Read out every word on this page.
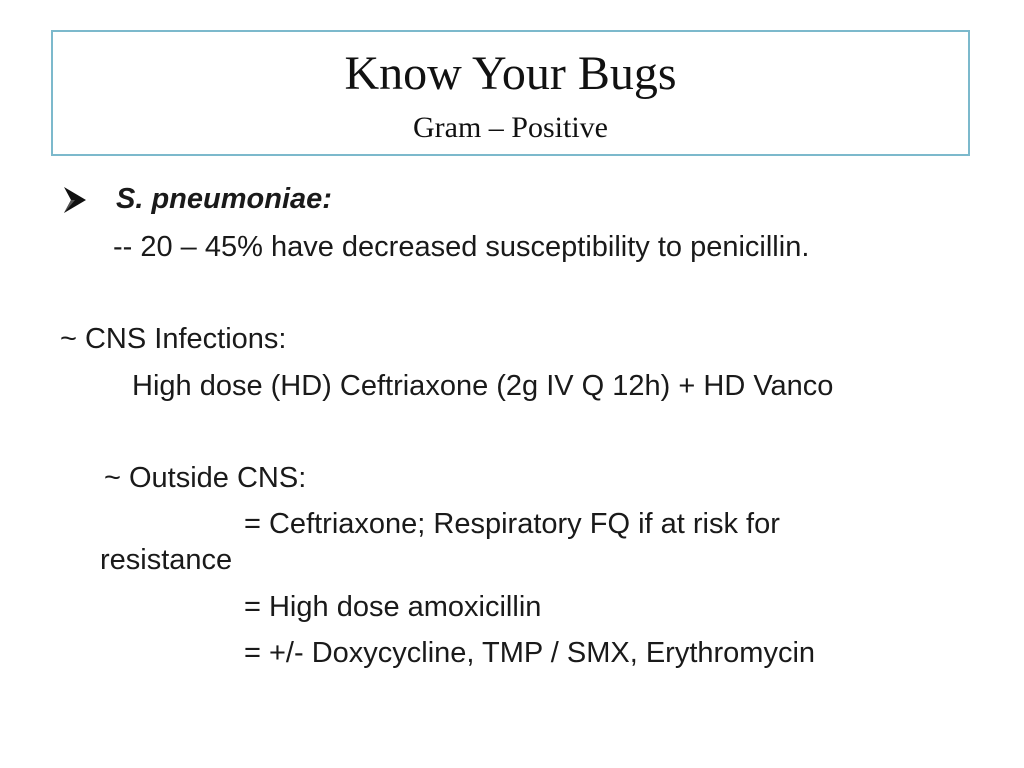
Know Your Bugs
Gram – Positive
S. pneumoniae:
-- 20 – 45% have decreased susceptibility to penicillin.
~ CNS Infections:
High dose (HD) Ceftriaxone (2g IV Q 12h) + HD Vanco
~ Outside CNS:
= Ceftriaxone; Respiratory FQ if at risk for
resistance
= High dose amoxicillin
= +/- Doxycycline, TMP / SMX, Erythromycin
